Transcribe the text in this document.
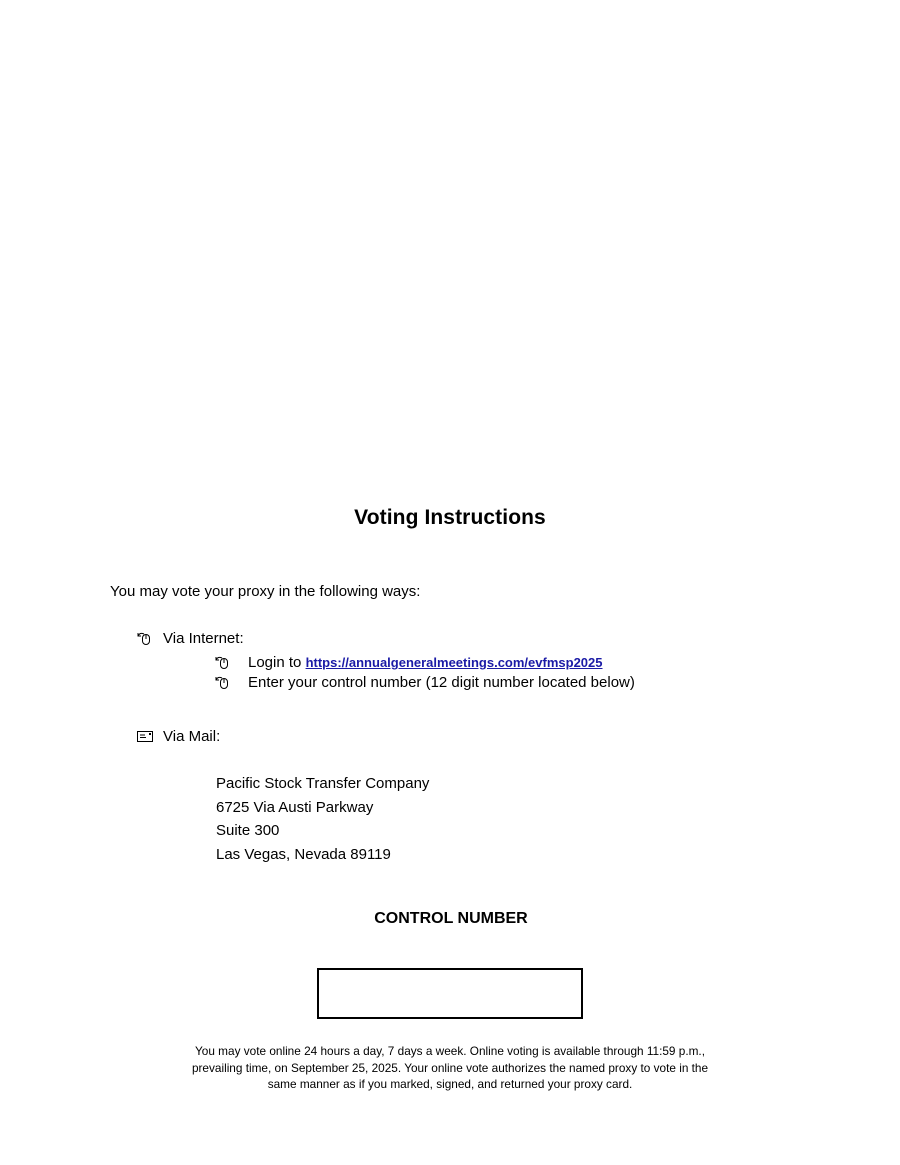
Voting Instructions
You may vote your proxy in the following ways:
Via Internet:
Login to https://annualgeneralmeetings.com/evfmsp2025
Enter your control number (12 digit number located below)
Via Mail:
Pacific Stock Transfer Company
6725 Via Austi Parkway
Suite 300
Las Vegas, Nevada 89119
CONTROL NUMBER
You may vote online 24 hours a day, 7 days a week. Online voting is available through 11:59 p.m.,
prevailing time, on September 25, 2025. Your online vote authorizes the named proxy to vote in the
same manner as if you marked, signed, and returned your proxy card.
